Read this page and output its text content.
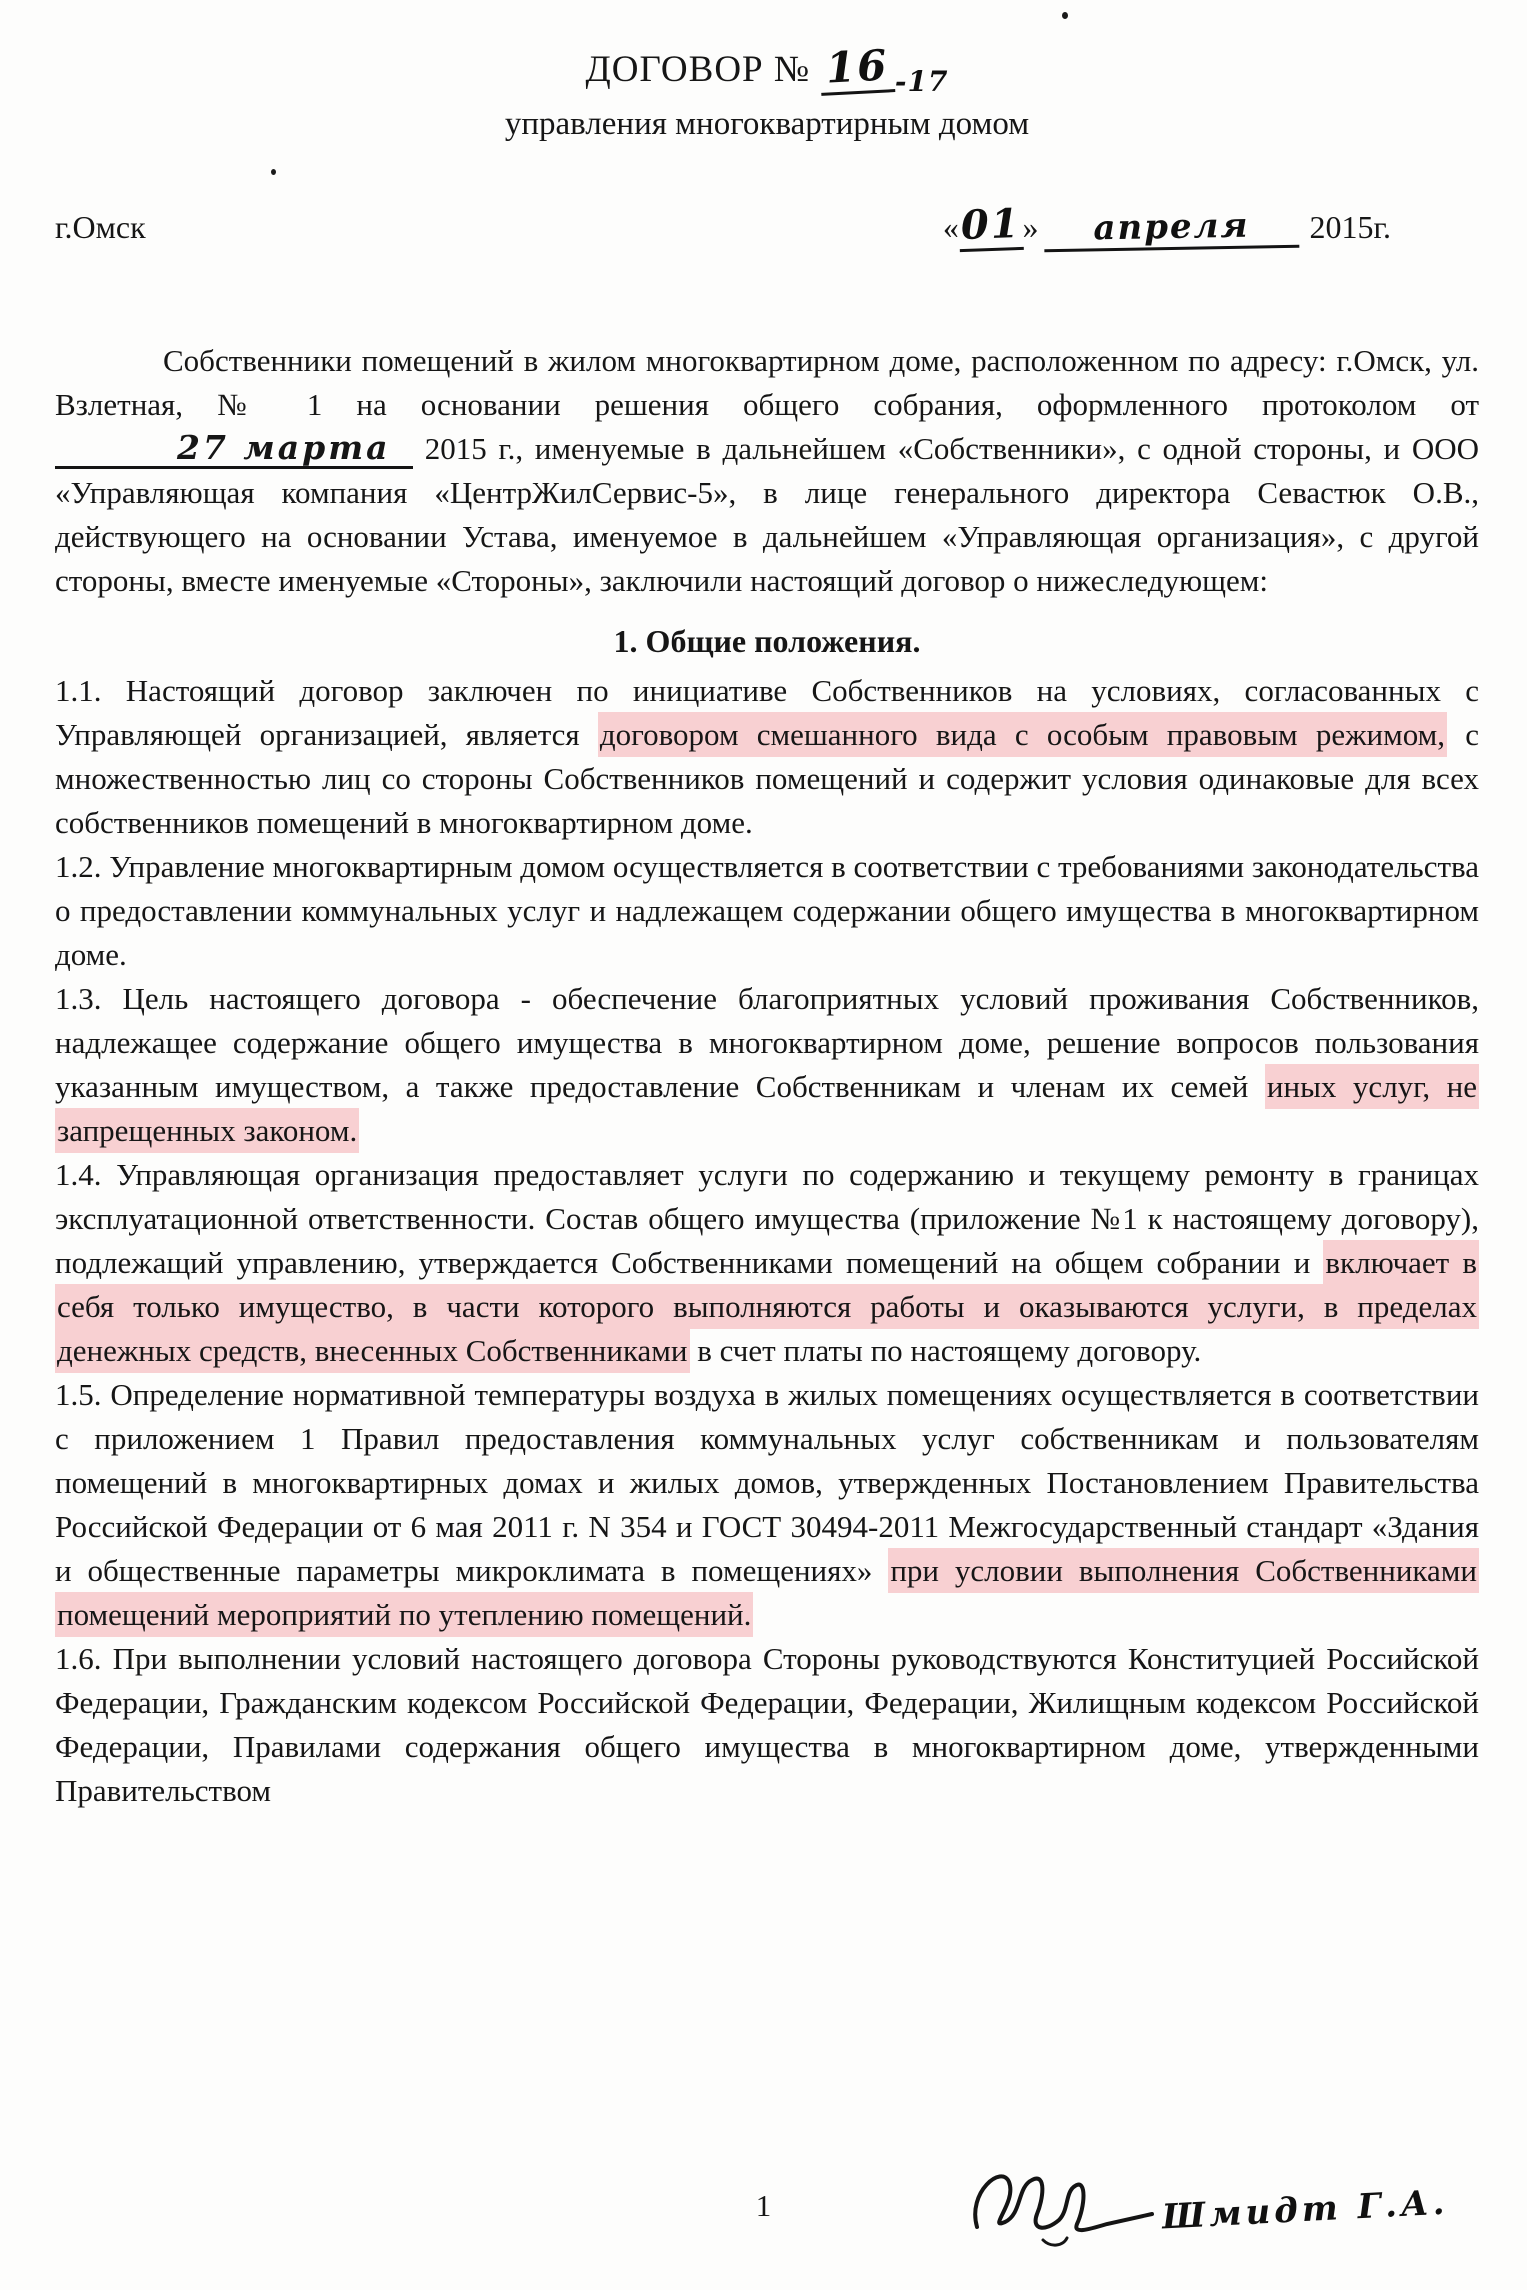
ДОГОВОР № 16 $_{-17}$
управления многоквартирным домом
г.Омск	«01» апреля 2015г.

Собственники помещений в жилом многоквартирном доме, расположенном по адресу: г.Омск, ул. Взлетная, № 1 на основании решения общего собрания, оформленного протоколом от 27 марта 2015 г., именуемые в дальнейшем «Собственники», с одной стороны, и ООО «Управляющая компания «ЦентрЖилСервис-5», в лице генерального директора Севастюк О.В., действующего на основании Устава, именуемое в дальнейшем «Управляющая организация», с другой стороны, вместе именуемые «Стороны», заключили настоящий договор о нижеследующем:

1. Общие положения.

1.1. Настоящий договор заключен по инициативе Собственников на условиях, согласованных с Управляющей организацией, является договором смешанного вида с особым правовым режимом, с множественностью лиц со стороны Собственников помещений и содержит условия одинаковые для всех собственников помещений в многоквартирном доме.

1.2. Управление многоквартирным домом осуществляется в соответствии с требованиями законодательства о предоставлении коммунальных услуг и надлежащем содержании общего имущества в многоквартирном доме.

1.3. Цель настоящего договора - обеспечение благоприятных условий проживания Собственников, надлежащее содержание общего имущества в многоквартирном доме, решение вопросов пользования указанным имуществом, а также предоставление Собственникам и членам их семей иных услуг, не запрещенных законом.

1.4. Управляющая организация предоставляет услуги по содержанию и текущему ремонту в границах эксплуатационной ответственности. Состав общего имущества (приложение №1 к настоящему договору), подлежащий управлению, утверждается Собственниками помещений на общем собрании и включает в себя только имущество, в части которого выполняются работы и оказываются услуги, в пределах денежных средств, внесенных Собственниками в счет платы по настоящему договору.

1.5. Определение нормативной температуры воздуха в жилых помещениях осуществляется в соответствии с приложением 1 Правил предоставления коммунальных услуг собственникам и пользователям помещений в многоквартирных домах и жилых домов, утвержденных Постановлением Правительства Российской Федерации от 6 мая 2011 г. N 354 и ГОСТ 30494-2011 Межгосударственный стандарт «Здания и общественные параметры микроклимата в помещениях» при условии выполнения Собственниками помещений мероприятий по утеплению помещений.

1.6. При выполнении условий настоящего договора Стороны руководствуются Конституцией Российской Федерации, Гражданским кодексом Российской Федерации, Федерации, Жилищным кодексом Российской Федерации, Правилами содержания общего имущества в многоквартирном доме, утвержденными Правительством

1	Шмидт Г.А.
